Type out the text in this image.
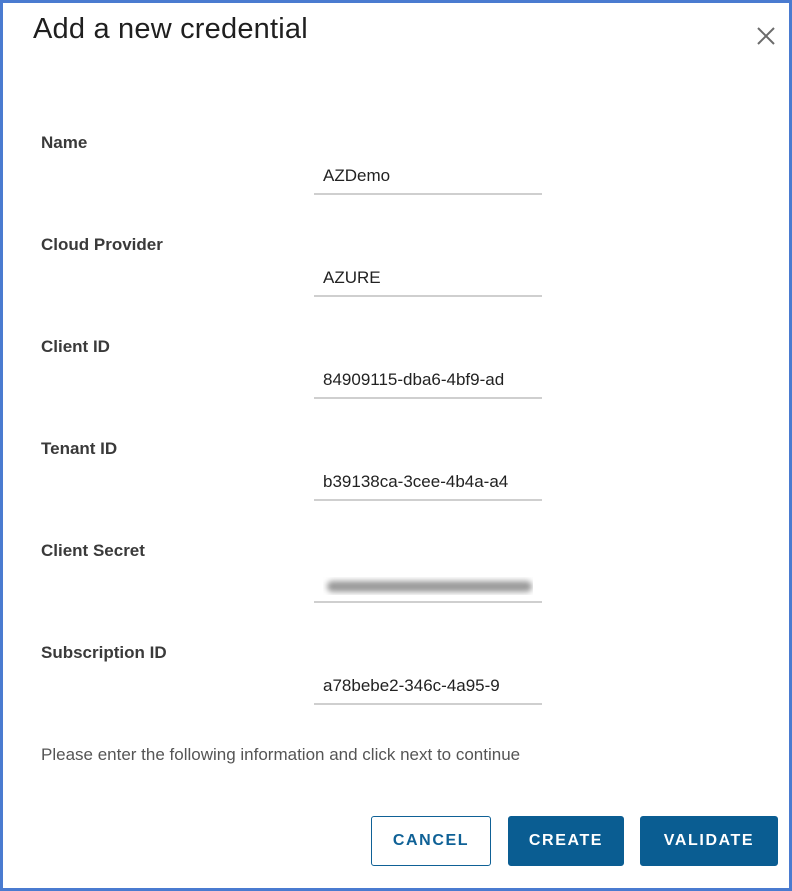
Add a new credential
Name
AZDemo
Cloud Provider
AZURE
Client ID
84909115-dba6-4bf9-ad
Tenant ID
b39138ca-3cee-4b4a-a4
Client Secret
Subscription ID
a78bebe2-346c-4a95-9
Please enter the following information and click next to continue
CANCEL	CREATE	VALIDATE
